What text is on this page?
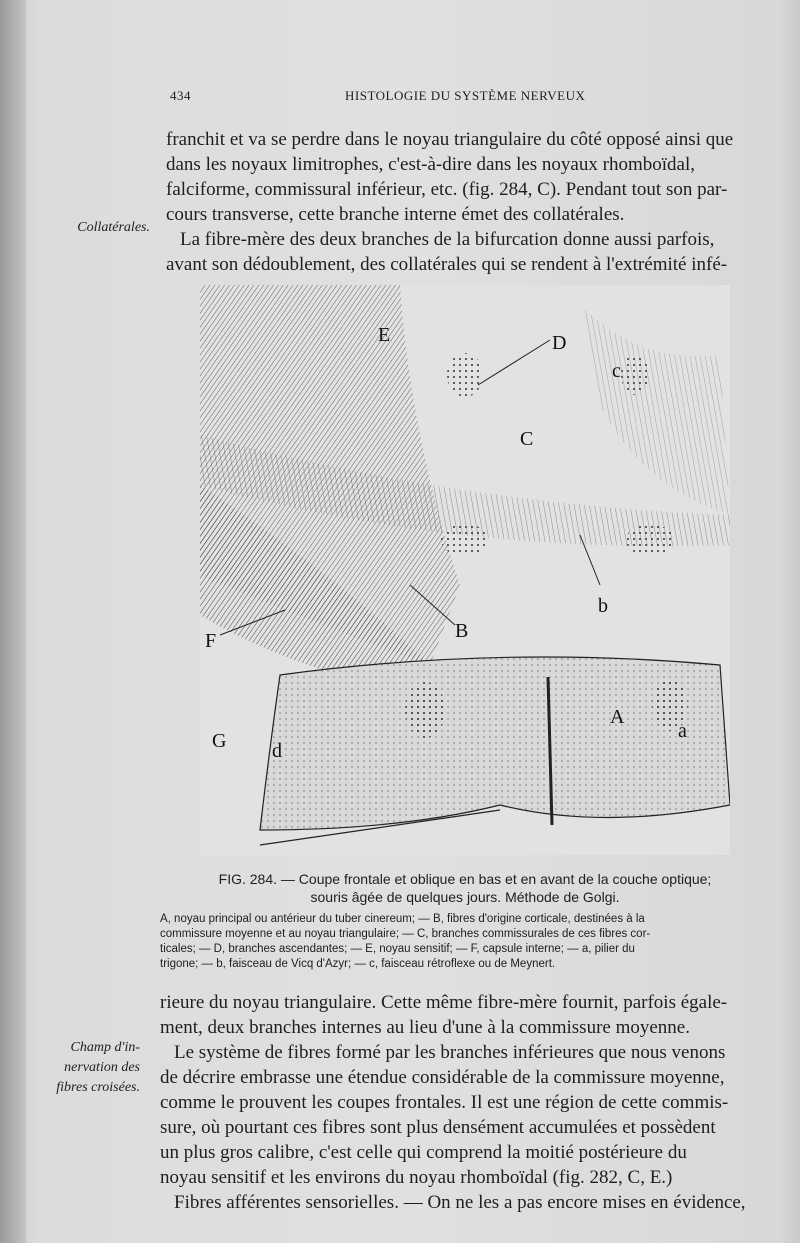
434	HISTOLOGIE DU SYSTÈME NERVEUX
Collatérales.
franchit et va se perdre dans le noyau triangulaire du côté opposé ainsi que
dans les noyaux limitrophes, c'est-à-dire dans les noyaux rhomboïdal,
falciforme, commissural inférieur, etc. (fig. 284, C). Pendant tout son par-
cours transverse, cette branche interne émet des collatérales.
La fibre-mère des deux branches de la bifurcation donne aussi parfois,
avant son dédoublement, des collatérales qui se rendent à l'extrémité infé-
E	D
c
C
b
B
F
A
a
G d
FIG. 284. — Coupe frontale et oblique en bas et en avant de la couche optique;
souris âgée de quelques jours. Méthode de Golgi.
A, noyau principal ou antérieur du tuber cinereum; — B, fibres d'origine corticale, destinées à la
commissure moyenne et au noyau triangulaire; — C, branches commissurales de ces fibres cor-
ticales; — D, branches ascendantes; — E, noyau sensitif; — F, capsule interne; — a, pilier du
trigone; — b, faisceau de Vicq d'Azyr; — c, faisceau rétroflexe ou de Meynert.
Champ d'in-
nervation des
fibres croisées.
rieure du noyau triangulaire. Cette même fibre-mère fournit, parfois égale-
ment, deux branches internes au lieu d'une à la commissure moyenne.
Le système de fibres formé par les branches inférieures que nous venons
de décrire embrasse une étendue considérable de la commissure moyenne,
comme le prouvent les coupes frontales. Il est une région de cette commis-
sure, où pourtant ces fibres sont plus densément accumulées et possèdent
un plus gros calibre, c'est celle qui comprend la moitié postérieure du
noyau sensitif et les environs du noyau rhomboïdal (fig. 282, C, E.)
Fibres afférentes sensorielles. — On ne les a pas encore mises en évidence,
